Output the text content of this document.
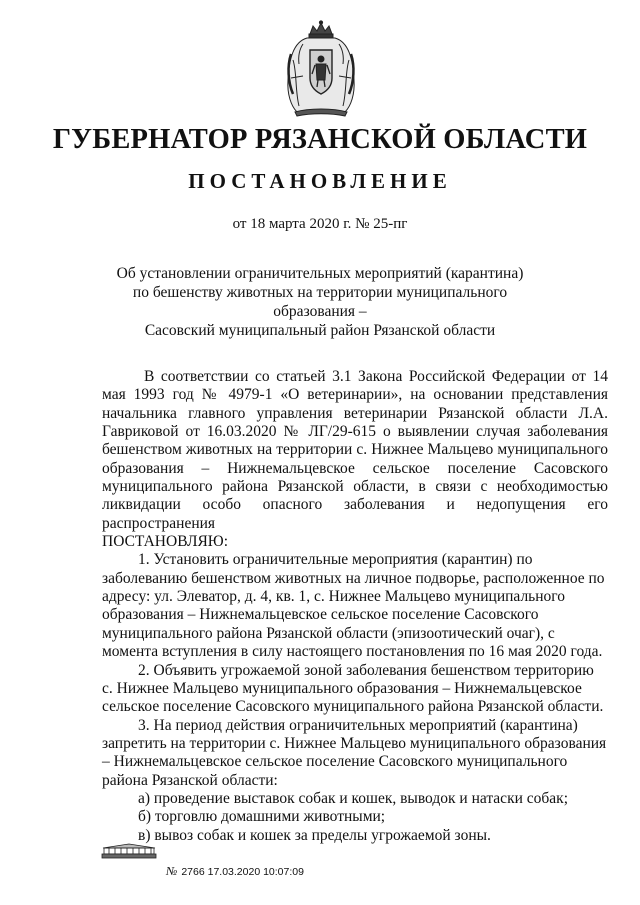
ГУБЕРНАТОР РЯЗАНСКОЙ ОБЛАСТИ
ПОСТАНОВЛЕНИЕ
от 18 марта 2020 г. № 25-пг
Об установлении ограничительных мероприятий (карантина)
по бешенству животных на территории муниципального образования –
Сасовский муниципальный район Рязанской области

В соответствии со статьей 3.1 Закона Российской Федерации от 14 мая 1993 год № 4979-1 «О ветеринарии», на основании представления начальника главного управления ветеринарии Рязанской области Л.А. Гавриковой от 16.03.2020 № ЛГ/29-615 о выявлении случая заболевания бешенством животных на территории с. Нижнее Мальцево муниципального образования – Нижнемальцевское сельское поселение Сасовского муниципального района Рязанской области, в связи с необходимостью ликвидации особо опасного заболевания и недопущения его распространения

ПОСТАНОВЛЯЮ:

1. Установить ограничительные мероприятия (карантин) по заболеванию бешенством животных на личное подворье, расположенное по адресу: ул. Элеватор, д. 4, кв. 1, с. Нижнее Мальцево муниципального образования – Нижнемальцевское сельское поселение Сасовского муниципального района Рязанской области (эпизоотический очаг), с момента вступления в силу настоящего постановления по 16 мая 2020 года.

2. Объявить угрожаемой зоной заболевания бешенством территорию с. Нижнее Мальцево муниципального образования – Нижнемальцевское сельское поселение Сасовского муниципального района Рязанской области.

3. На период действия ограничительных мероприятий (карантина) запретить на территории с. Нижнее Мальцево муниципального образования – Нижнемальцевское сельское поселение Сасовского муниципального района Рязанской области:

а) проведение выставок собак и кошек, выводок и натаски собак;

б) торговлю домашними животными;

в) вывоз собак и кошек за пределы угрожаемой зоны.

№ 2766 17.03.2020 10:07:09
